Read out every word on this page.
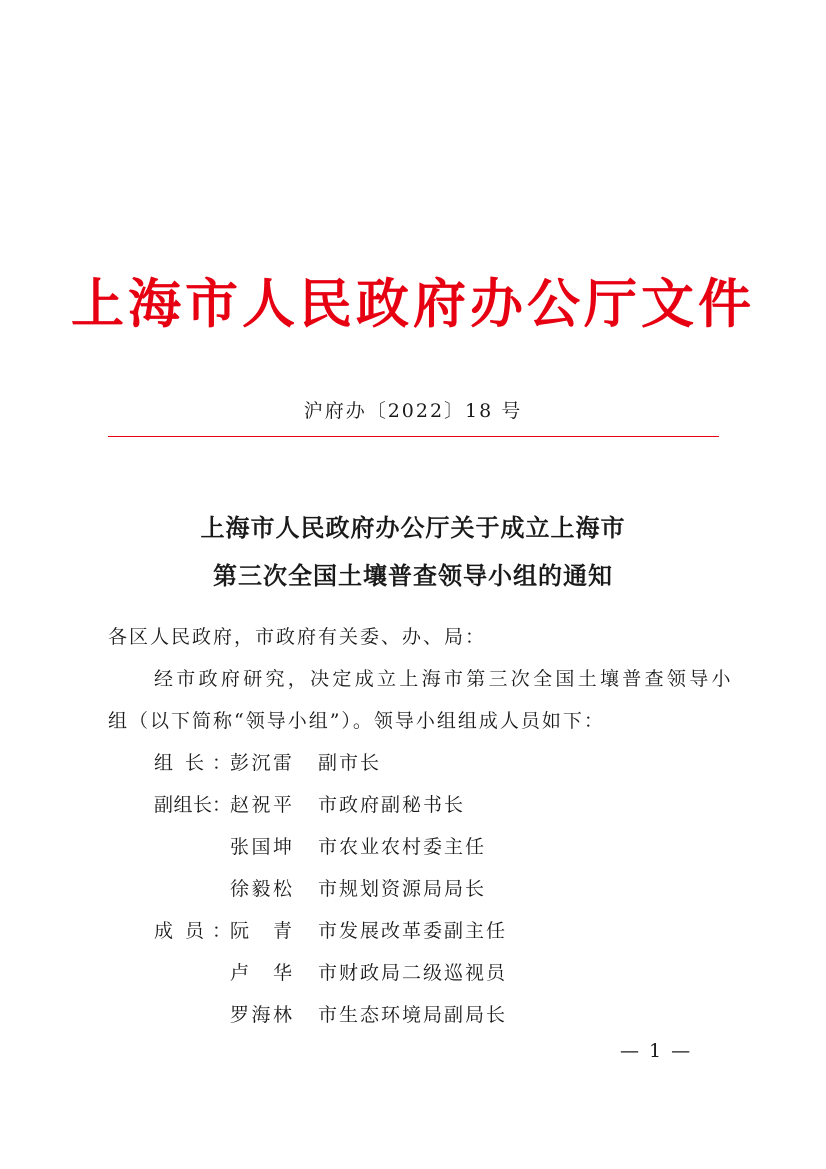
上海市人民政府办公厅文件
沪府办〔2022〕18 号
上海市人民政府办公厅关于成立上海市
第三次全国土壤普查领导小组的通知
各区人民政府，市政府有关委、办、局：
经市政府研究，决定成立上海市第三次全国土壤普查领导小
组（以下简称“领导小组”）。领导小组组成人员如下：
组长 ：
彭沉雷 副市长
副组长 ：
赵祝平 市政府副秘书长
张国坤 市农业农村委主任
徐毅松 市规划资源局局长
成员 ：
阮青 市发展改革委副主任
卢华 市财政局二级巡视员
罗海林 市生态环境局副局长
— 1 —
